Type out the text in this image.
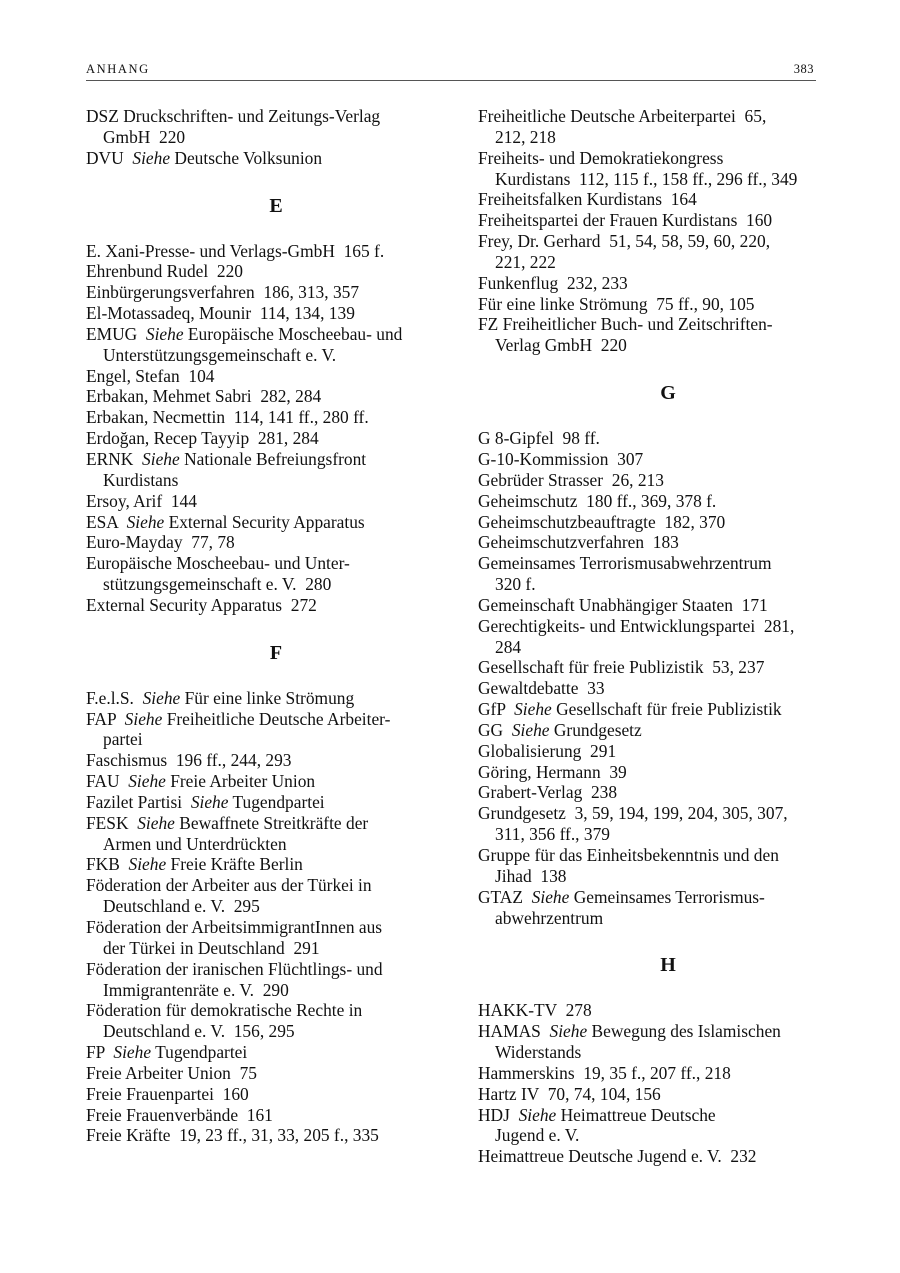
ANHANG	383
DSZ Druckschriften- und Zeitungs-Verlag
GmbH  220
DVU  Siehe Deutsche Volksunion
E
E. Xani-Presse- und Verlags-GmbH  165 f.
Ehrenbund Rudel  220
Einbürgerungsverfahren  186, 313, 357
El-Motassadeq, Mounir  114, 134, 139
EMUG  Siehe Europäische Moscheebau- und
Unterstützungsgemeinschaft e. V.
Engel, Stefan  104
Erbakan, Mehmet Sabri  282, 284
Erbakan, Necmettin  114, 141 ff., 280 ff.
Erdoğan, Recep Tayyip  281, 284
ERNK  Siehe Nationale Befreiungsfront
Kurdistans
Ersoy, Arif  144
ESA  Siehe External Security Apparatus
Euro-Mayday  77, 78
Europäische Moscheebau- und Unter-
stützungsgemeinschaft e. V.  280
External Security Apparatus  272
F
F.e.l.S.  Siehe Für eine linke Strömung
FAP  Siehe Freiheitliche Deutsche Arbeiter-
partei
Faschismus  196 ff., 244, 293
FAU  Siehe Freie Arbeiter Union
Fazilet Partisi  Siehe Tugendpartei
FESK  Siehe Bewaffnete Streitkräfte der
Armen und Unterdrückten
FKB  Siehe Freie Kräfte Berlin
Föderation der Arbeiter aus der Türkei in
Deutschland e. V.  295
Föderation der ArbeitsimmigrantInnen aus
der Türkei in Deutschland  291
Föderation der iranischen Flüchtlings- und
Immigrantenräte e. V.  290
Föderation für demokratische Rechte in
Deutschland e. V.  156, 295
FP  Siehe Tugendpartei
Freie Arbeiter Union  75
Freie Frauenpartei  160
Freie Frauenverbände  161
Freie Kräfte  19, 23 ff., 31, 33, 205 f., 335
Freiheitliche Deutsche Arbeiterpartei  65,
212, 218
Freiheits- und Demokratiekongress
Kurdistans  112, 115 f., 158 ff., 296 ff., 349
Freiheitsfalken Kurdistans  164
Freiheitspartei der Frauen Kurdistans  160
Frey, Dr. Gerhard  51, 54, 58, 59, 60, 220,
221, 222
Funkenflug  232, 233
Für eine linke Strömung  75 ff., 90, 105
FZ Freiheitlicher Buch- und Zeitschriften-
Verlag GmbH  220
G
G 8-Gipfel  98 ff.
G-10-Kommission  307
Gebrüder Strasser  26, 213
Geheimschutz  180 ff., 369, 378 f.
Geheimschutzbeauftragte  182, 370
Geheimschutzverfahren  183
Gemeinsames Terrorismusabwehrzentrum
320 f.
Gemeinschaft Unabhängiger Staaten  171
Gerechtigkeits- und Entwicklungspartei  281,
284
Gesellschaft für freie Publizistik  53, 237
Gewaltdebatte  33
GfP  Siehe Gesellschaft für freie Publizistik
GG  Siehe Grundgesetz
Globalisierung  291
Göring, Hermann  39
Grabert-Verlag  238
Grundgesetz  3, 59, 194, 199, 204, 305, 307,
311, 356 ff., 379
Gruppe für das Einheitsbekenntnis und den
Jihad  138
GTAZ  Siehe Gemeinsames Terrorismus-
abwehrzentrum
H
HAKK-TV  278
HAMAS  Siehe Bewegung des Islamischen
Widerstands
Hammerskins  19, 35 f., 207 ff., 218
Hartz IV  70, 74, 104, 156
HDJ  Siehe Heimattreue Deutsche
Jugend e. V.
Heimattreue Deutsche Jugend e. V.  232
